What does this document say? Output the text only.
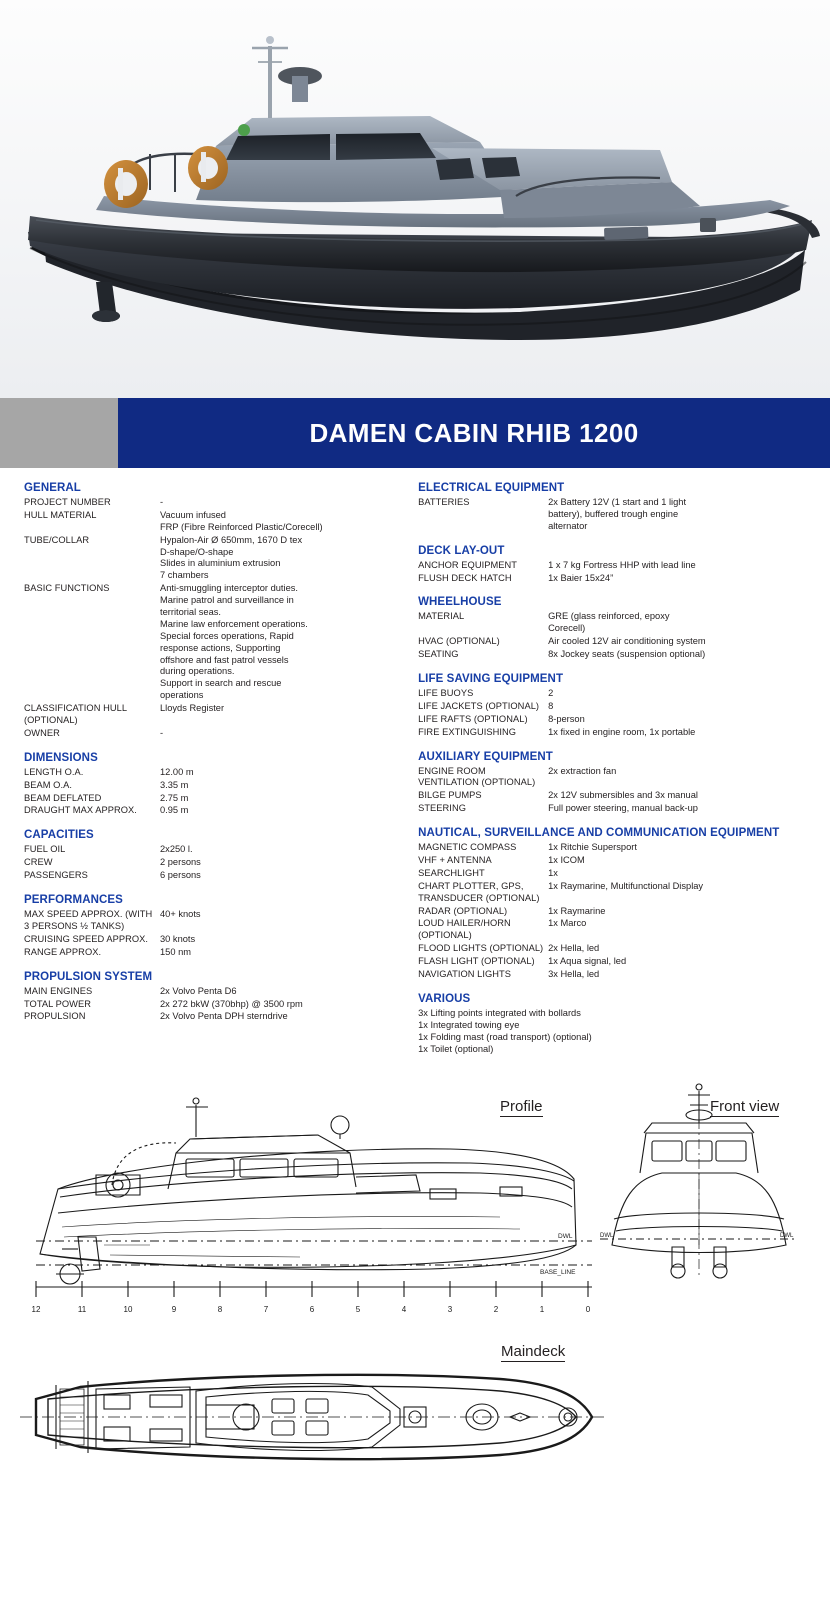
DAMEN CABIN RHIB 1200
GENERAL
PROJECT NUMBER	-

HULL MATERIAL	Vacuum infused
FRP (Fibre Reinforced Plastic/Corecell)

TUBE/COLLAR	Hypalon-Air Ø 650mm, 1670 D tex
D-shape/O-shape
Slides in aluminium extrusion
7 chambers

BASIC FUNCTIONS	Anti-smuggling interceptor duties.
Marine patrol and surveillance in
territorial seas.
Marine law enforcement operations.
Special forces operations, Rapid
response actions, Supporting
offshore and fast patrol vessels
during operations.
Support in search and rescue
operations

CLASSIFICATION HULL (OPTIONAL)	Lloyds Register

OWNER	-
DIMENSIONS
LENGTH O.A.	12.00 m

BEAM O.A.	3.35 m

BEAM DEFLATED	2.75 m

DRAUGHT MAX APPROX.	0.95 m
CAPACITIES
FUEL OIL	2x250 l.

CREW	2 persons

PASSENGERS	6 persons
PERFORMANCES
MAX SPEED APPROX. (WITH 3 PERSONS ½ TANKS)	40+ knots

CRUISING SPEED APPROX.	30 knots

RANGE APPROX.	150 nm
PROPULSION SYSTEM
MAIN ENGINES	2x Volvo Penta D6

TOTAL POWER	2x 272 bkW (370bhp) @ 3500 rpm

PROPULSION	2x Volvo Penta DPH sterndrive
ELECTRICAL EQUIPMENT
BATTERIES	2x Battery 12V (1 start and 1 light
battery), buffered trough engine
alternator
DECK LAY-OUT
ANCHOR EQUIPMENT	1 x 7 kg Fortress HHP with lead line

FLUSH DECK HATCH	1x Baier 15x24”
WHEELHOUSE
MATERIAL	GRE (glass reinforced, epoxy
Corecell)

HVAC (OPTIONAL)	Air cooled 12V air conditioning system

SEATING	8x Jockey seats (suspension optional)
LIFE SAVING EQUIPMENT
LIFE BUOYS	2

LIFE JACKETS (OPTIONAL)	8

LIFE RAFTS (OPTIONAL)	8-person

FIRE EXTINGUISHING	1x fixed in engine room, 1x portable
AUXILIARY EQUIPMENT
ENGINE ROOM VENTILATION (OPTIONAL)	2x extraction fan

BILGE PUMPS	2x 12V submersibles and 3x manual

STEERING	Full power steering, manual back-up
NAUTICAL, SURVEILLANCE AND COMMUNICATION EQUIPMENT
MAGNETIC COMPASS	1x Ritchie Supersport

VHF + ANTENNA	1x ICOM

SEARCHLIGHT	1x

CHART PLOTTER, GPS, TRANSDUCER (OPTIONAL)	1x Raymarine, Multifunctional Display

RADAR (OPTIONAL)	1x Raymarine

LOUD HAILER/HORN (OPTIONAL)	1x Marco

FLOOD LIGHTS (OPTIONAL)	2x Hella, led

FLASH LIGHT (OPTIONAL)	1x Aqua signal, led

NAVIGATION LIGHTS	3x Hella, led
VARIOUS
3x Lifting points integrated with bollards
1x Integrated towing eye
1x Folding mast (road transport) (optional)
1x Toilet (optional)
Profile	Front view
Maindeck
DWL
BASE_LINE
DWL	DWL
12	11	10	9	8	7	6	5	4	3	2	1	0
